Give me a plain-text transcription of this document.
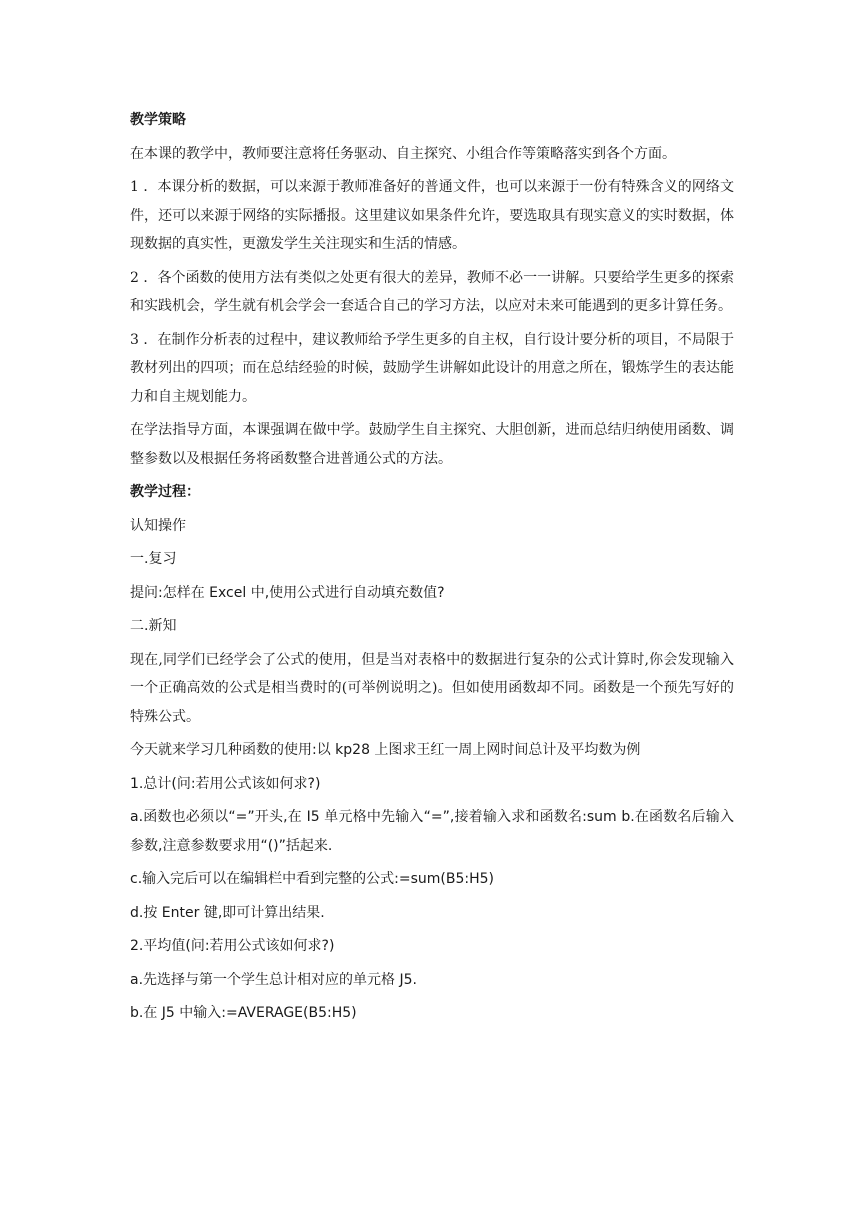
教学策略

在本课的教学中，教师要注意将任务驱动、自主探究、小组合作等策略落实到各个方面。

1 ．本课分析的数据，可以来源于教师准备好的普通文件，也可以来源于一份有特殊含义的网络文件，还可以来源于网络的实际播报。这里建议如果条件允许，要选取具有现实意义的实时数据，体现数据的真实性，更激发学生关注现实和生活的情感。

2 ．各个函数的使用方法有类似之处更有很大的差异，教师不必一一讲解。只要给学生更多的探索和实践机会，学生就有机会学会一套适合自己的学习方法，以应对未来可能遇到的更多计算任务。

3 ．在制作分析表的过程中，建议教师给予学生更多的自主权，自行设计要分析的项目，不局限于教材列出的四项；而在总结经验的时候，鼓励学生讲解如此设计的用意之所在，锻炼学生的表达能力和自主规划能力。

在学法指导方面，本课强调在做中学。鼓励学生自主探究、大胆创新，进而总结归纳使用函数、调整参数以及根据任务将函数整合进普通公式的方法。

教学过程：

认知操作

一.复习

提问:怎样在 Excel 中,使用公式进行自动填充数值?

二.新知

现在,同学们已经学会了公式的使用，但是当对表格中的数据进行复杂的公式计算时,你会发现输入一个正确高效的公式是相当费时的(可举例说明之)。但如使用函数却不同。函数是一个预先写好的特殊公式。

今天就来学习几种函数的使用:以 kp28 上图求王红一周上网时间总计及平均数为例

1.总计(问:若用公式该如何求?)

a.函数也必须以“=”开头,在 I5 单元格中先输入“=”,接着输入求和函数名:sum b.在函数名后输入参数,注意参数要求用“()”括起来.

c.输入完后可以在编辑栏中看到完整的公式:=sum(B5:H5)

d.按 Enter 键,即可计算出结果.

2.平均值(问:若用公式该如何求?)

a.先选择与第一个学生总计相对应的单元格 J5.

b.在 J5 中输入:=AVERAGE(B5:H5)
